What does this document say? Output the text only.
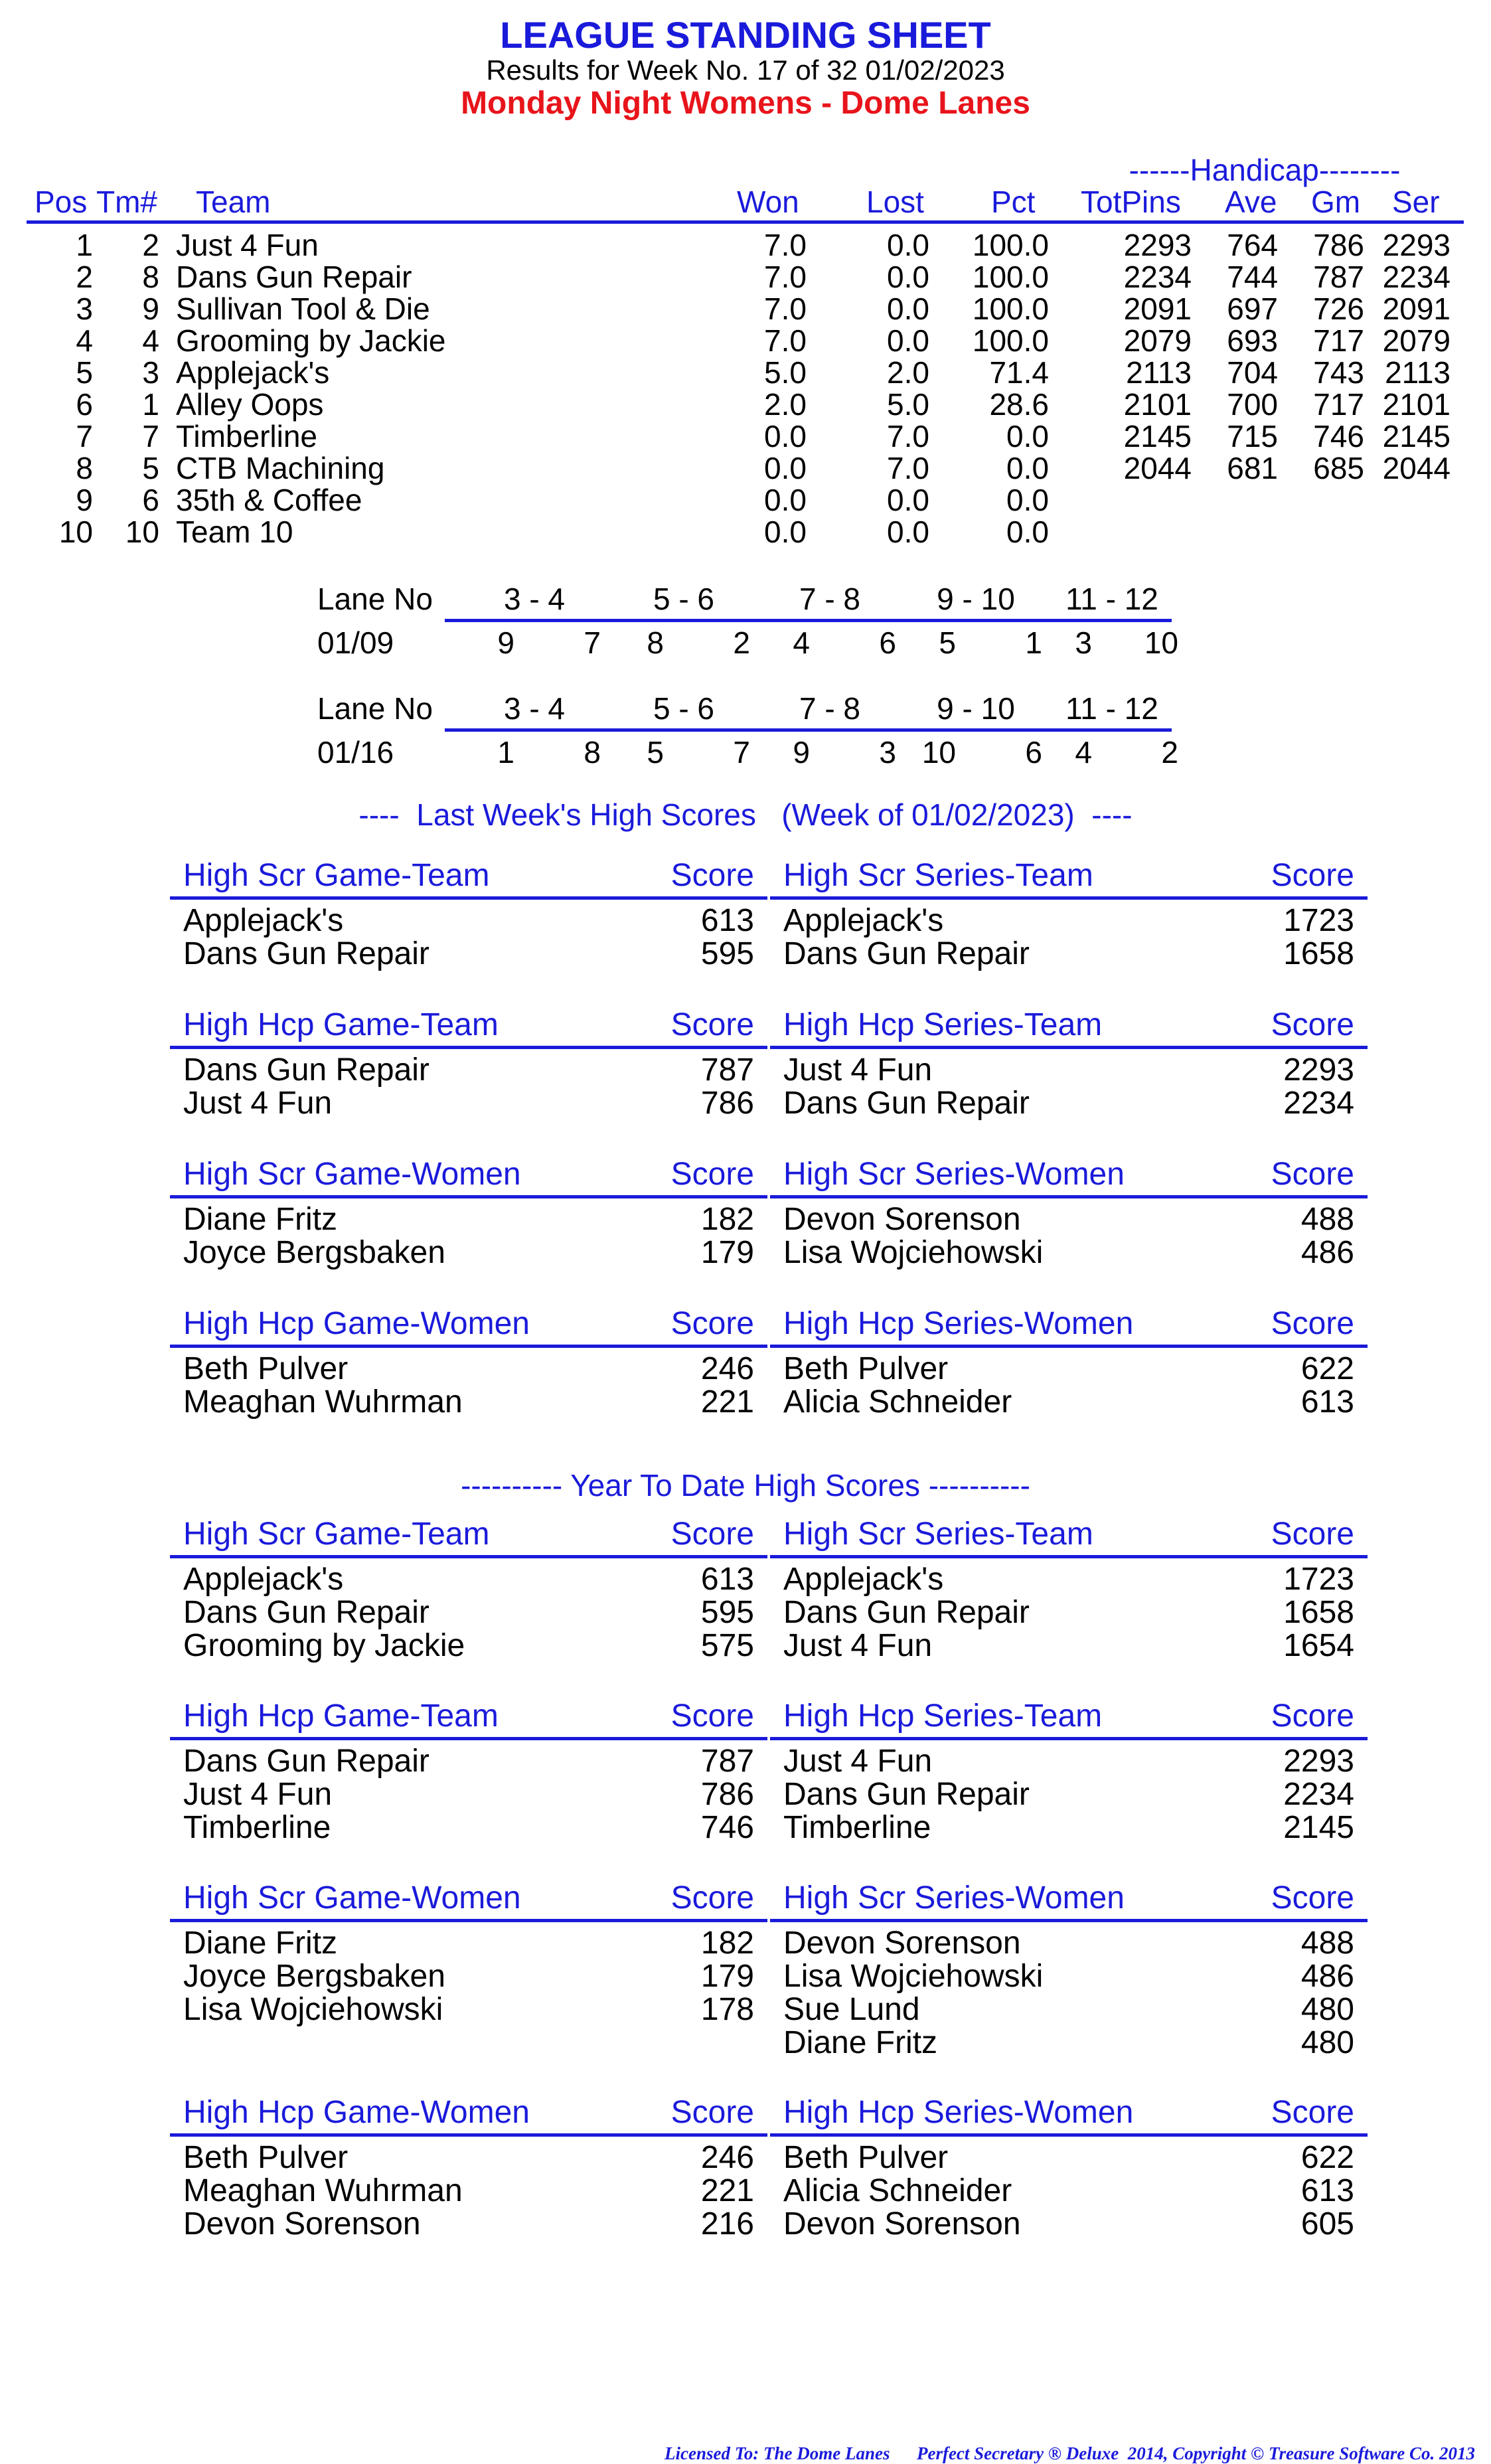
LEAGUE STANDING SHEET
Results for Week No. 17 of 32 01/02/2023
Monday Night Womens - Dome Lanes
------Handicap--------
Pos Tm# Team	Won Lost Pct TotPins Ave Gm Ser
1	2 Just 4 Fun	7.0	0.0	100.0	2293	764	786 2293
2	8 Dans Gun Repair	7.0	0.0	100.0	2234	744	787 2234
3	9 Sullivan Tool & Die	7.0	0.0	100.0	2091	697	726 2091
4	4 Grooming by Jackie	7.0	0.0	100.0	2079	693	717 2079
5	3 Applejack's	5.0	2.0	71.4	2113	704	743 2113
6	1 Alley Oops	2.0	5.0	28.6	2101	700	717 2101
7	7 Timberline	0.0	7.0	0.0	2145	715	746 2145
8	5 CTB Machining	0.0	7.0	0.0	2044	681	685 2044
9	6 35th & Coffee	0.0	0.0	0.0
10	10 Team 10	0.0	0.0	0.0
Lane No	3 - 4	5 - 6	7 - 8	9 - 10	11 - 12
01/09	9	7	8	2	4	6	5	1	3	10
Lane No	3 - 4	5 - 6	7 - 8	9 - 10	11 - 12
01/16	1	8	5	7	9	3 10	6	4	2
----  Last Week's High Scores   (Week of 01/02/2023)  ----
High Scr Game-Team	Score
Applejack's	613
Dans Gun Repair	595
High Scr Series-Team	Score
Applejack's	1723
Dans Gun Repair	1658
High Hcp Game-Team	Score
Dans Gun Repair	787
Just 4 Fun	786
High Hcp Series-Team	Score
Just 4 Fun	2293
Dans Gun Repair	2234
High Scr Game-Women	Score
Diane Fritz	182
Joyce Bergsbaken	179
High Scr Series-Women	Score
Devon Sorenson	488
Lisa Wojciehowski	486
High Hcp Game-Women	Score
Beth Pulver	246
Meaghan Wuhrman	221
High Hcp Series-Women	Score
Beth Pulver	622
Alicia Schneider	613
---------- Year To Date High Scores ----------
High Scr Game-Team	Score
Applejack's	613
Dans Gun Repair	595
Grooming by Jackie	575
High Scr Series-Team	Score
Applejack's	1723
Dans Gun Repair	1658
Just 4 Fun	1654
High Hcp Game-Team	Score
Dans Gun Repair	787
Just 4 Fun	786
Timberline	746
High Hcp Series-Team	Score
Just 4 Fun	2293
Dans Gun Repair	2234
Timberline	2145
High Scr Game-Women	Score
Diane Fritz	182
Joyce Bergsbaken	179
Lisa Wojciehowski	178
High Scr Series-Women	Score
Devon Sorenson	488
Lisa Wojciehowski	486
Sue Lund	480
Diane Fritz	480
High Hcp Game-Women	Score
Beth Pulver	246
Meaghan Wuhrman	221
Devon Sorenson	216
High Hcp Series-Women	Score
Beth Pulver	622
Alicia Schneider	613
Devon Sorenson	605
Licensed To: The Dome Lanes      Perfect Secretary ® Deluxe  2014, Copyright © Treasure Software Co. 2013
